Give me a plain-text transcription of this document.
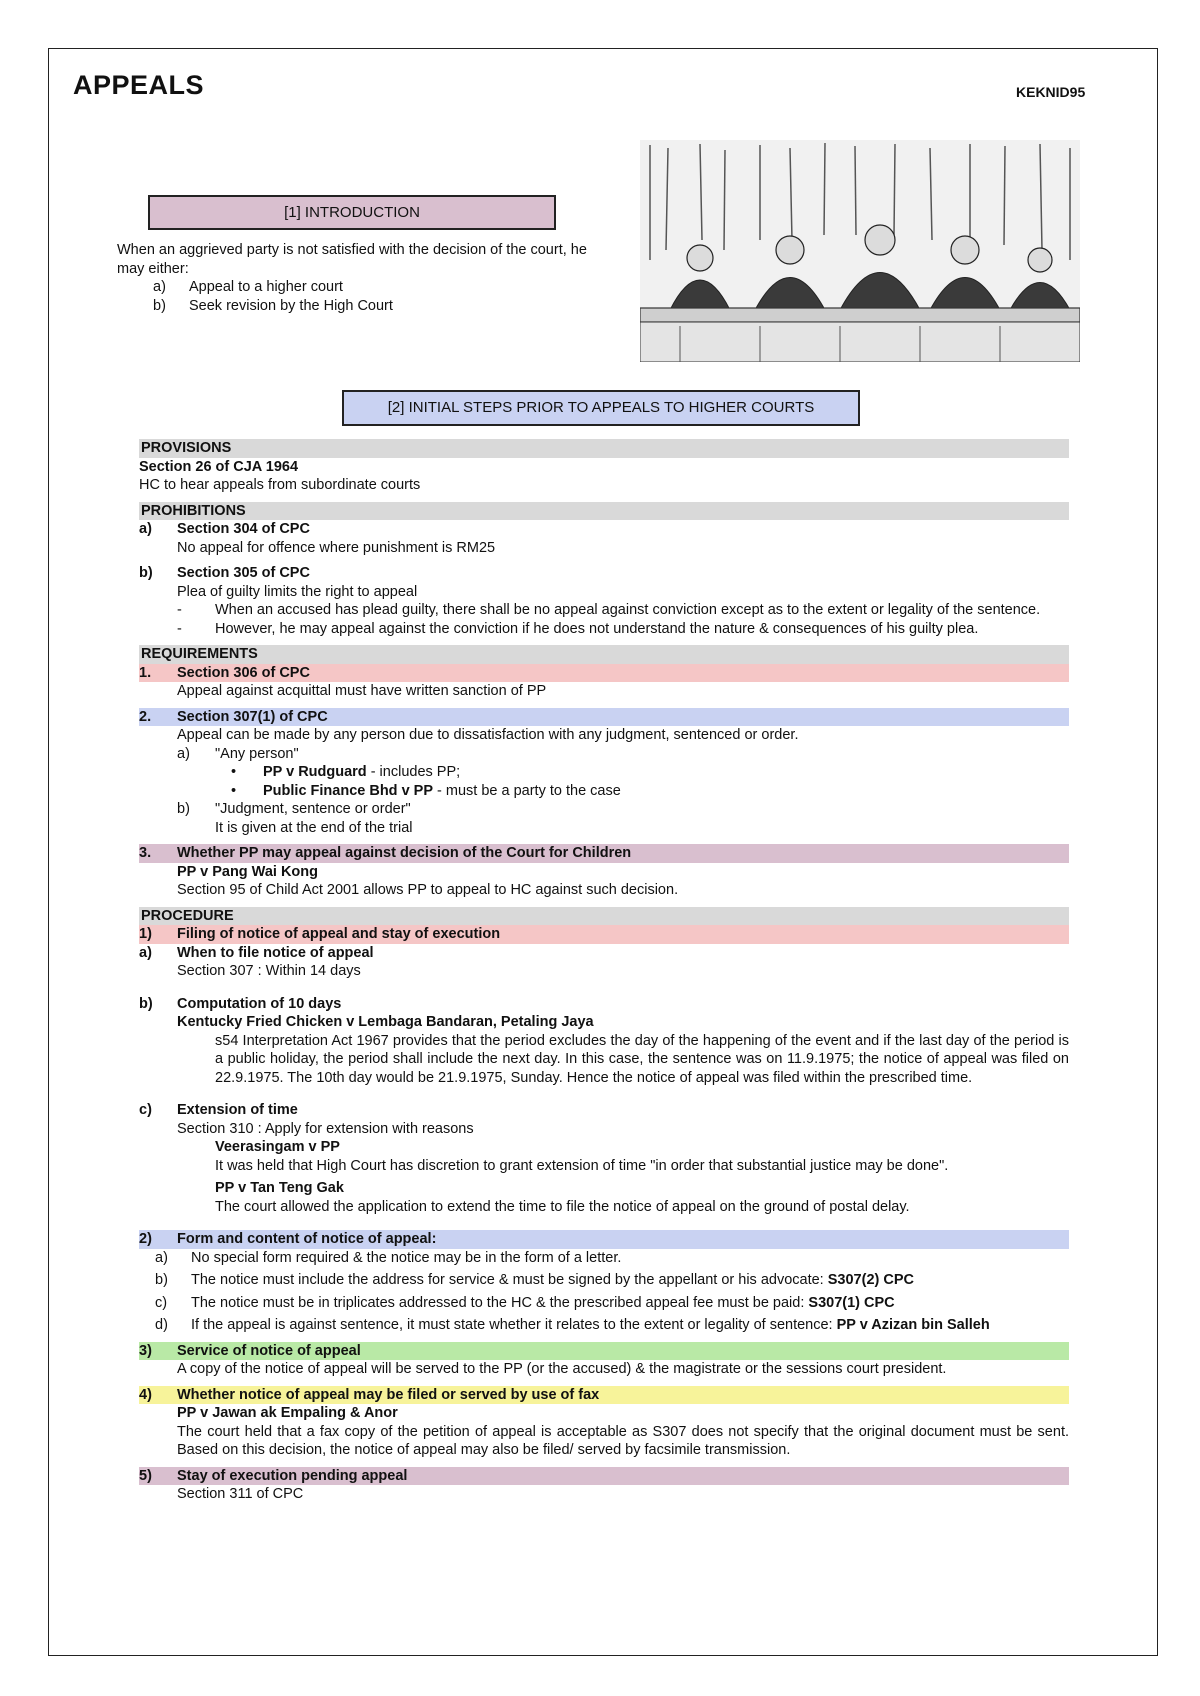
APPEALS	KEKNID95
[1] INTRODUCTION
When an aggrieved party is not satisfied with the decision of the court, he may either:
a) Appeal to a higher court
b) Seek revision by the High Court
[2] INITIAL STEPS PRIOR TO APPEALS TO HIGHER COURTS
PROVISIONS
Section 26 of CJA 1964
HC to hear appeals from subordinate courts
PROHIBITIONS
a) Section 304 of CPC
No appeal for offence where punishment is RM25
b) Section 305 of CPC
Plea of guilty limits the right to appeal
- When an accused has plead guilty, there shall be no appeal against conviction except as to the extent or legality of the sentence.
- However, he may appeal against the conviction if he does not understand the nature & consequences of his guilty plea.
REQUIREMENTS
1. Section 306 of CPC
Appeal against acquittal must have written sanction of PP
2. Section 307(1) of CPC
Appeal can be made by any person due to dissatisfaction with any judgment, sentenced or order.
a) "Any person"
• PP v Rudguard - includes PP;
• Public Finance Bhd v PP - must be a party to the case
b) "Judgment, sentence or order"
It is given at the end of the trial
3. Whether PP may appeal against decision of the Court for Children
PP v Pang Wai Kong
Section 95 of Child Act 2001 allows PP to appeal to HC against such decision.
PROCEDURE
1) Filing of notice of appeal and stay of execution
a) When to file notice of appeal
Section 307 : Within 14 days
b) Computation of 10 days
Kentucky Fried Chicken v Lembaga Bandaran, Petaling Jaya
s54 Interpretation Act 1967 provides that the period excludes the day of the happening of the event and if the last day of the period is a public holiday, the period shall include the next day. In this case, the sentence was on 11.9.1975; the notice of appeal was filed on 22.9.1975. The 10th day would be 21.9.1975, Sunday. Hence the notice of appeal was filed within the prescribed time.
c) Extension of time
Section 310 : Apply for extension with reasons
Veerasingam v PP
It was held that High Court has discretion to grant extension of time "in order that substantial justice may be done".
PP v Tan Teng Gak
The court allowed the application to extend the time to file the notice of appeal on the ground of postal delay.
2) Form and content of notice of appeal:
a) No special form required & the notice may be in the form of a letter.
b) The notice must include the address for service & must be signed by the appellant or his advocate: S307(2) CPC
c) The notice must be in triplicates addressed to the HC & the prescribed appeal fee must be paid: S307(1) CPC
d) If the appeal is against sentence, it must state whether it relates to the extent or legality of sentence: PP v Azizan bin Salleh
3) Service of notice of appeal
A copy of the notice of appeal will be served to the PP (or the accused) & the magistrate or the sessions court president.
4) Whether notice of appeal may be filed or served by use of fax
PP v Jawan ak Empaling & Anor
The court held that a fax copy of the petition of appeal is acceptable as S307 does not specify that the original document must be sent. Based on this decision, the notice of appeal may also be filed/ served by facsimile transmission.
5) Stay of execution pending appeal
Section 311 of CPC
